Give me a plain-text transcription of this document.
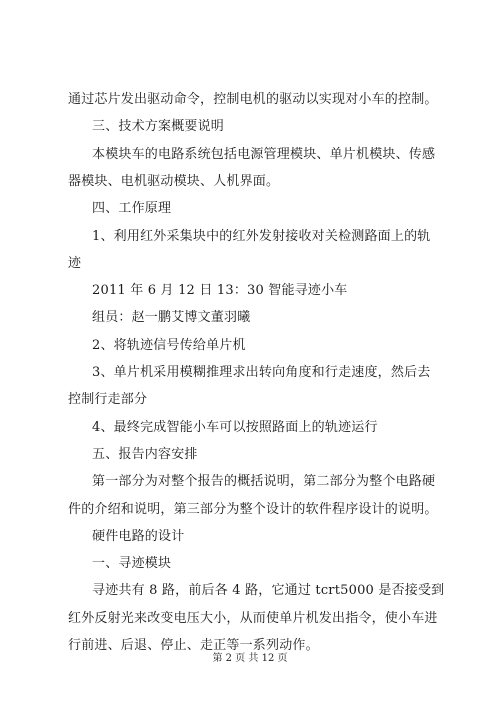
通过芯片发出驱动命令，控制电机的驱动以实现对小车的控制。
三、技术方案概要说明
本模块车的电路系统包括电源管理模块、单片机模块、传感
器模块、电机驱动模块、人机界面。
四、工作原理
1、利用红外采集块中的红外发射接收对关检测路面上的轨
迹
2011 年 6 月 12 日 13：30 智能寻迹小车
组员：赵一鹏艾博文董羽曦
2、将轨迹信号传给单片机
3、单片机采用模糊推理求出转向角度和行走速度，然后去
控制行走部分
4、最终完成智能小车可以按照路面上的轨迹运行
五、报告内容安排
第一部分为对整个报告的概括说明，第二部分为整个电路硬
件的介绍和说明，第三部分为整个设计的软件程序设计的说明。
硬件电路的设计
一、寻迹模块
寻迹共有 8 路，前后各 4 路，它通过 tcrt5000 是否接受到
红外反射光来改变电压大小，从而使单片机发出指令，使小车进
行前进、后退、停止、走正等一系列动作。
第 2 页 共 12 页
